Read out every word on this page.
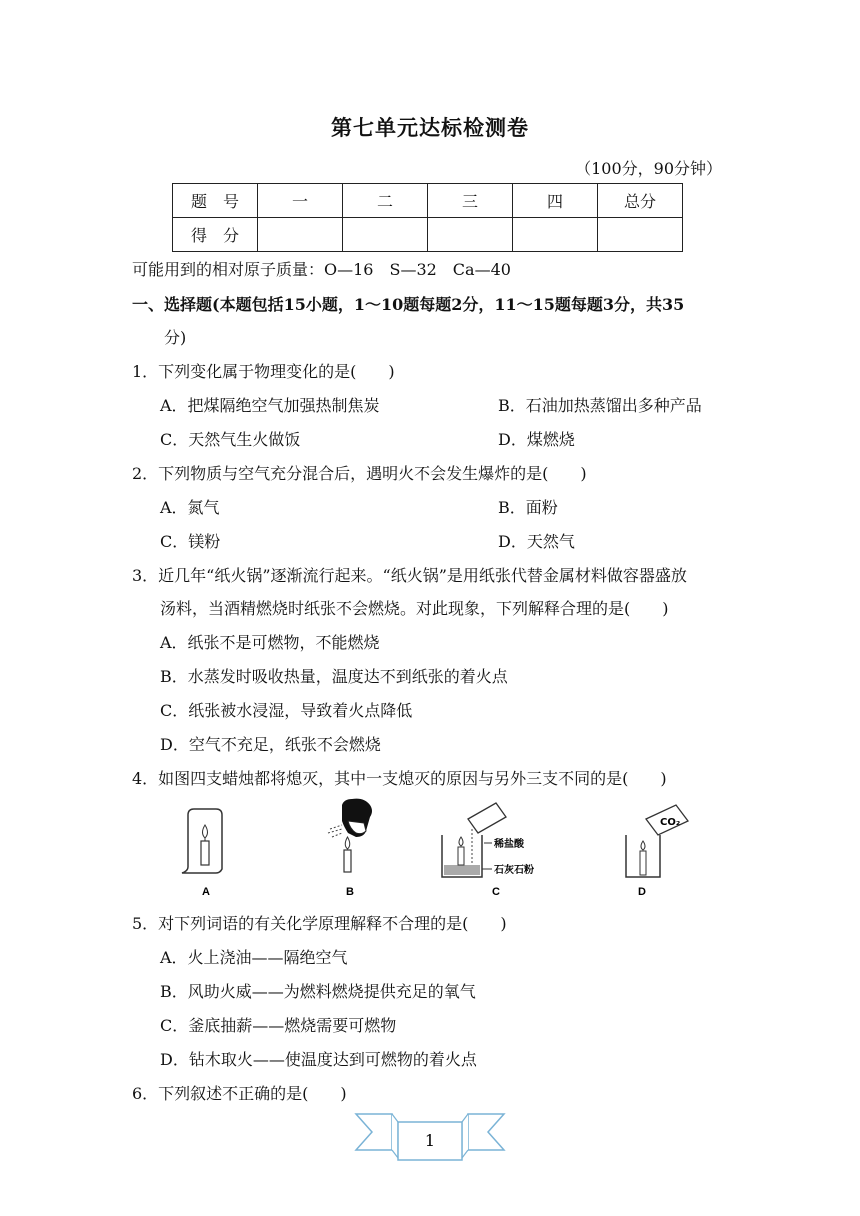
第七单元达标检测卷
（100分，90分钟）
题　号	一	二	三	四	总分
得　分					
可能用到的相对原子质量：O—16　S—32　Ca—40
一、选择题(本题包括15小题，1～10题每题2分，11～15题每题3分，共35
分)
1．下列变化属于物理变化的是(　　)
A．把煤隔绝空气加强热制焦炭	B．石油加热蒸馏出多种产品
C．天然气生火做饭	D．煤燃烧
2．下列物质与空气充分混合后，遇明火不会发生爆炸的是(　　)
A．氮气	B．面粉
C．镁粉	D．天然气
3．近几年“纸火锅”逐渐流行起来。“纸火锅”是用纸张代替金属材料做容器盛放
汤料，当酒精燃烧时纸张不会燃烧。对此现象，下列解释合理的是(　　)
A．纸张不是可燃物，不能燃烧
B．水蒸发时吸收热量，温度达不到纸张的着火点
C．纸张被水浸湿，导致着火点降低
D．空气不充足，纸张不会燃烧
4．如图四支蜡烛都将熄灭，其中一支熄灭的原因与另外三支不同的是(　　)
稀盐酸
石灰石粉
CO₂
A	B	C	D
5．对下列词语的有关化学原理解释不合理的是(　　)
A．火上浇油——隔绝空气
B．风助火威——为燃料燃烧提供充足的氧气
C．釜底抽薪——燃烧需要可燃物
D．钻木取火——使温度达到可燃物的着火点
6．下列叙述不正确的是(　　)
1
